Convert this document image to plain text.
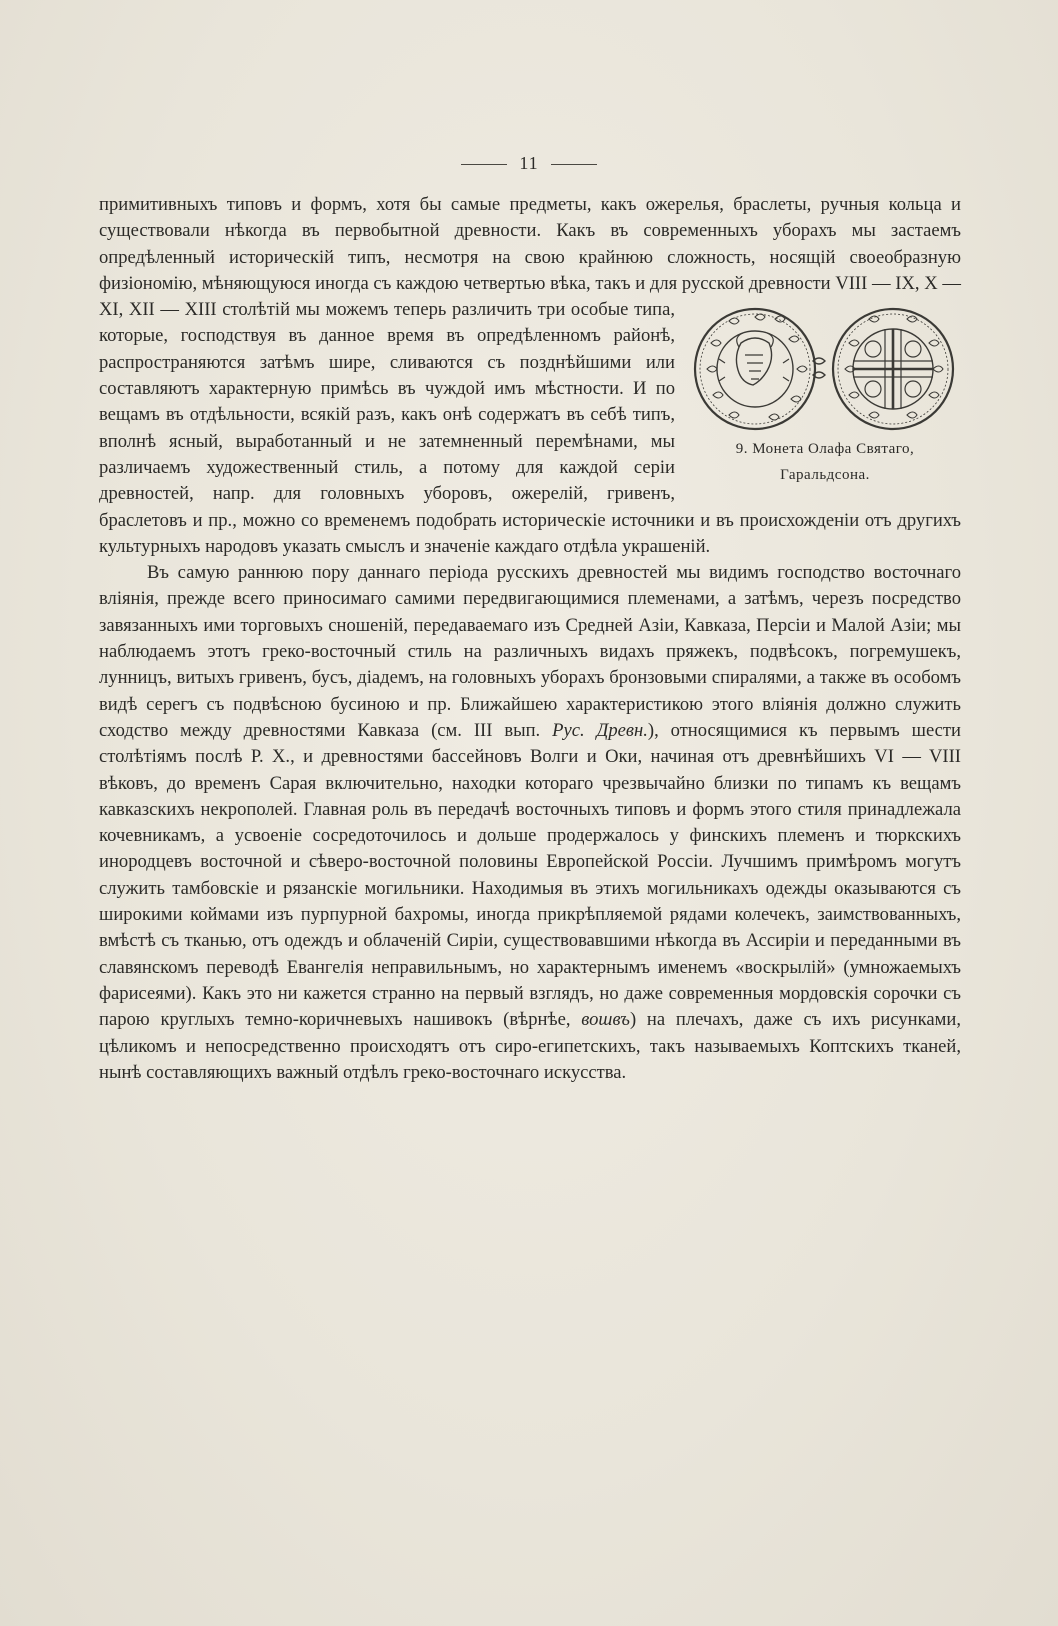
11

примитивныхъ типовъ и формъ, хотя бы самые предметы, какъ ожерелья, браслеты, ручныя кольца и существовали нѣкогда въ первобытной древности. Какъ въ современныхъ уборахъ мы застаемъ опредѣленный историческій типъ, несмотря на свою крайнюю сложность, носящій своеобразную физіономію, мѣняющуюся иногда съ каждою четвертью вѣка, такъ и для русской древности VIII — IX, X — XI, XII — XIII столѣтій мы можемъ теперь различить три
9. Монета Олафа Святаго,
Гаральдсона.
особые типа, которые, господствуя въ данное время въ опредѣленномъ районѣ, распространяются затѣмъ шире, сливаются съ позднѣйшими или составляютъ характерную примѣсь въ чуждой имъ мѣстности. И по вещамъ въ отдѣльности, всякій разъ, какъ онѣ содержатъ въ себѣ типъ, вполнѣ ясный, выработанный и не затемненный перемѣнами, мы различаемъ художественный стиль, а потому для каждой серіи древностей, напр. для головныхъ уборовъ, ожерелій, гривенъ, браслетовъ и пр., можно со временемъ подобрать историческіе источники и въ происхожденіи отъ другихъ культурныхъ народовъ указать смыслъ и значеніе каждаго отдѣла украшеній.

Въ самую раннюю пору даннаго періода русскихъ древностей мы видимъ господство восточнаго вліянія, прежде всего приносимаго самими передвигающимися племенами, а затѣмъ, черезъ посредство завязанныхъ ими торговыхъ сношеній, передаваемаго изъ Средней Азіи, Кавказа, Персіи и Малой Азіи; мы наблюдаемъ этотъ греко-восточный стиль на различныхъ видахъ пряжекъ, подвѣсокъ, погремушекъ, лунницъ, витыхъ гривенъ, бусъ, діадемъ, на головныхъ уборахъ бронзовыми спиралями, а также въ особомъ видѣ серегъ съ подвѣсною бусиною и пр. Ближайшею характеристикою этого вліянія должно служить сходство между древностями Кавказа (см. III вып. Рус. Древн.), относящимися къ первымъ шести столѣтіямъ послѣ Р. Х., и древностями бассейновъ Волги и Оки, начиная отъ древнѣйшихъ VI — VIII вѣковъ, до временъ Сарая включительно, находки котораго чрезвычайно близки по типамъ къ вещамъ кавказскихъ некрополей. Главная роль въ передачѣ восточныхъ типовъ и формъ этого стиля принадлежала кочевникамъ, а усвоеніе сосредоточилось и дольше продержалось у финскихъ племенъ и тюркскихъ инородцевъ восточной и сѣверо-восточной половины Европейской Россіи. Лучшимъ примѣромъ могутъ служить тамбовскіе и рязанскіе могильники. Находимыя въ этихъ могильникахъ одежды оказываются съ широкими коймами изъ пурпурной бахромы, иногда прикрѣпляемой рядами колечекъ, заимствованныхъ, вмѣстѣ съ тканью, отъ одеждъ и облаченій Сиріи, существовавшими нѣкогда въ Ассиріи и переданными въ славянскомъ переводѣ Евангелія неправильнымъ, но характернымъ именемъ «воскрылій» (умножаемыхъ фарисеями). Какъ это ни кажется странно на первый взглядъ, но даже современныя мордовскія сорочки съ парою круглыхъ темно-коричневыхъ нашивокъ (вѣрнѣе, вошвъ) на плечахъ, даже съ ихъ рисунками, цѣликомъ и непосредственно происходятъ отъ сиро-египетскихъ, такъ называемыхъ Коптскихъ тканей, нынѣ составляющихъ важный отдѣлъ греко-восточнаго искусства.
